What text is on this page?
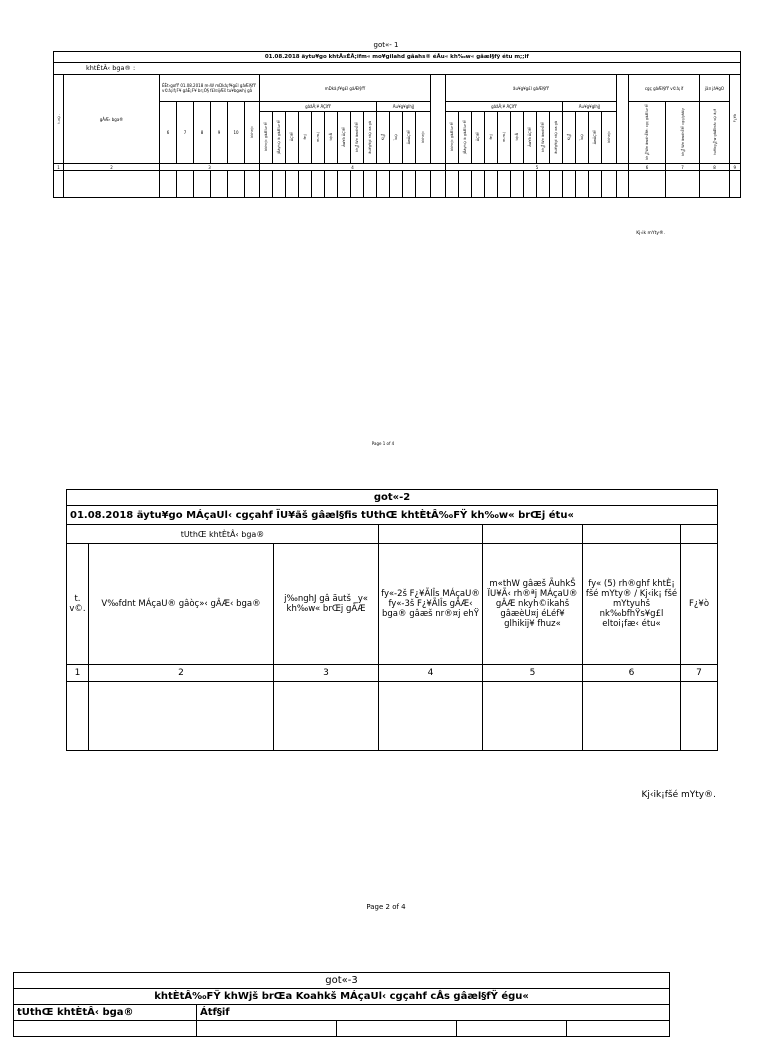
got«- 1
01.08.2018 äytu¥go khtÅ¤ÉÅ;ifm« mo¥gilahd gâahs® éÅu« kh‰w« gâæl§fÿ étu m;;if																																							
khtÈtÂ‹ bga® :																																							
t.v©.	gÂÆ‹ bga®	ÉÈt‹gofŸ 01.08.2018 m‹W mDkâ¡f¥g£l gâÆl§fŸ v©â¡if¡F¥ gâÈ¡F¥ br¡Ó§ f£l¤ijÆš tu¥bgwhj gâ						mDkâ¡f¥g£l gâÆl§fŸ														ãu¥g¥g£l gâÆl§fŸ														cgç gâÆl§fŸ v©â¡if		jä¤ jâ¥gO	F¿¥ò
		6	7	8	9	10	bkh¤j«	gâãÅ;¥ ÃÇîfŸ									Ãu¥g¥glhjJ					gâãÅ;¥ ÃÇîfŸ									Ãu¥g¥glhjJ					kh‰W¤ âwdhËfë‹ cgç gâÆl§fŸ	kh‰W¤ âwdhËfŸ cgç/gâãiy	tu¥bg‰w gâÆl¤â‹ v©â¡if	
								bkh¤j« gâÆl§fŸ	jÅáyh©ik gâÆl§fŸ	ÃÇîfŸ	fe;j	m.m.j	t¢rÅ	Ãw¥ò ÃÇîfŸ	kh‰W¤ âwdhËfŸ	ãu¥g¥gl nt©oa gâ	Kj‰	Ïu©	ÃwÃÇîfŸ	bkh¤j«		bkh¤j« gâÆl§fŸ	jÅáyh©ik gâÆl§fŸ	ÃÇîfŸ	fe;j	m.m.j	t¢rÅ	Ãw¥ò ÃÇîfŸ	kh‰W¤ âwdhËfŸ	ãu¥g¥gl nt©oa gâ	Kj‰	Ïu©	ÃwÃÇîfŸ	bkh¤j«					
1	2	3						4														5														6	7	8	9

Kj‹ik mYty®.
Page 1 of 4
got«-2						
01.08.2018 äytu¥go MÁçaUl‹ cgçahf ÏU¥ãš gâæl§fis tUthŒ khtÈtÂ‰FŸ kh‰w« brŒj étu«						
tUthŒ khtÈtÂ‹ bga®						
t. v©.	V‰fdnt MÁçaU® gâòç»‹ gÂÆ‹ bga®	j‰nghJ gâ ãutš _y« kh‰w« brŒj gÂÆ	fy«-2š F¿¥ÃlÎs MÁçaU® fy«-3š F¿¥ÃlÎs gÂÆ‹ bga® gâæš nr®¤j ehŸ	m«thW gâæš ÃuhkŠ ÏU¥Ã‹ rh®ªj MÁçaU® gÂÆ nkyh©ikahš gâæèU¤j éLéf¥ glhikij¥ fhuz«	fy« (5) rh®ghf khtÈ¡ fšé mYty® / Kj‹ik¡ fšé mYtyuhš nk‰bfhŸs¥g£l eltoi¡fæ‹ étu«	F¿¥ò
1	2	3	4	5	6	7

Kj‹ik¡fšé mYty®.
Page 2 of 4
got«-3				
khtÈtÂ‰FŸ khWjš brŒa Koahkš MÁçaUl‹ cgçahf cÅs gâæl§fŸ égu«				
tUthŒ khtÈtÂ‹ bga®	Átf§if			
